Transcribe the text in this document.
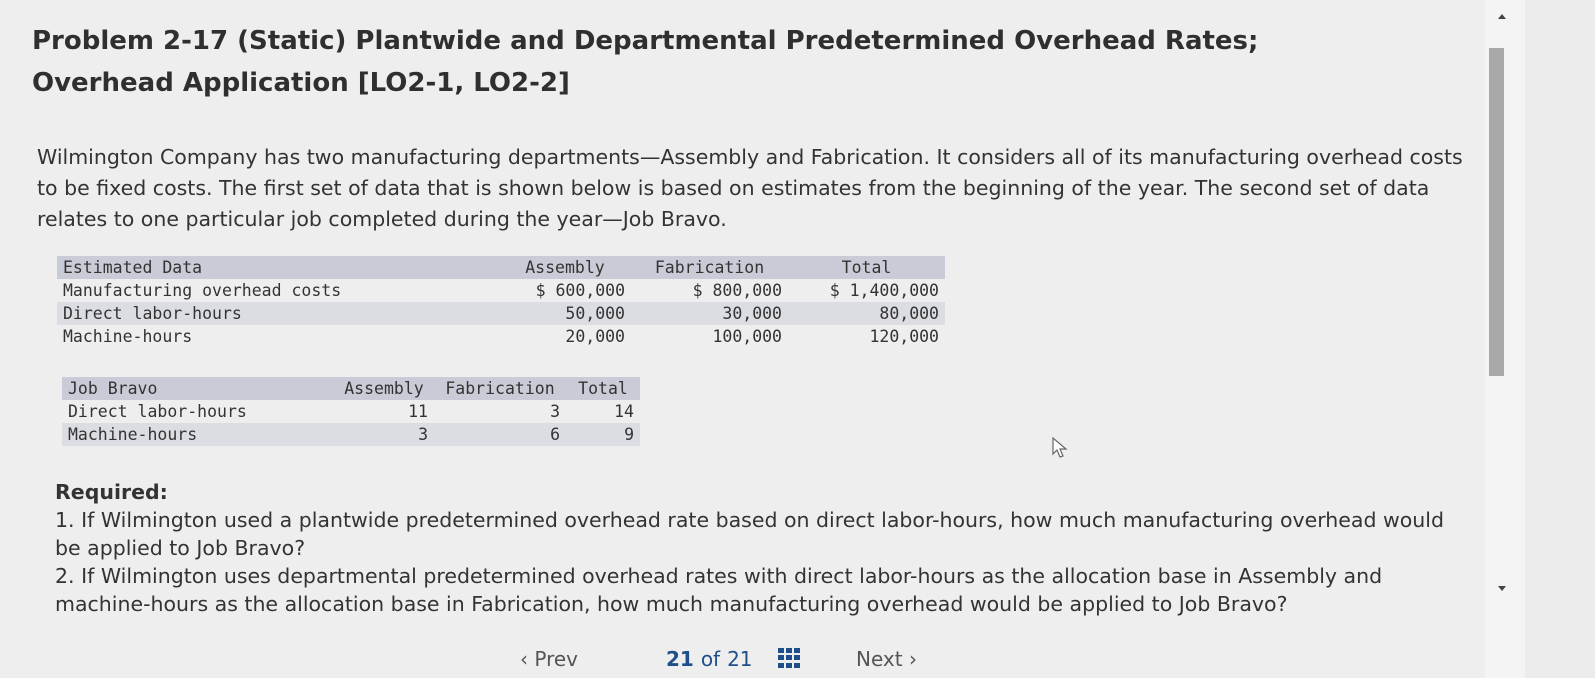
Problem 2-17 (Static) Plantwide and Departmental Predetermined Overhead Rates; Overhead Application [LO2-1, LO2-2]

Wilmington Company has two manufacturing departments—Assembly and Fabrication. It considers all of its manufacturing overhead costs to be fixed costs. The first set of data that is shown below is based on estimates from the beginning of the year. The second set of data relates to one particular job completed during the year—Job Bravo.

Estimated Data	Assembly	Fabrication	Total
Manufacturing overhead costs	$ 600,000	$ 800,000	$ 1,400,000
Direct labor-hours	50,000	30,000	80,000
Machine-hours	20,000	100,000	120,000
Job Bravo	Assembly	Fabrication	Total
Direct labor-hours	11	3	14
Machine-hours	3	6	9

Required:

1. If Wilmington used a plantwide predetermined overhead rate based on direct labor-hours, how much manufacturing overhead would be applied to Job Bravo?

2. If Wilmington uses departmental predetermined overhead rates with direct labor-hours as the allocation base in Assembly and machine-hours as the allocation base in Fabrication, how much manufacturing overhead would be applied to Job Bravo?

‹ Prev	21 of 21	Next ›
